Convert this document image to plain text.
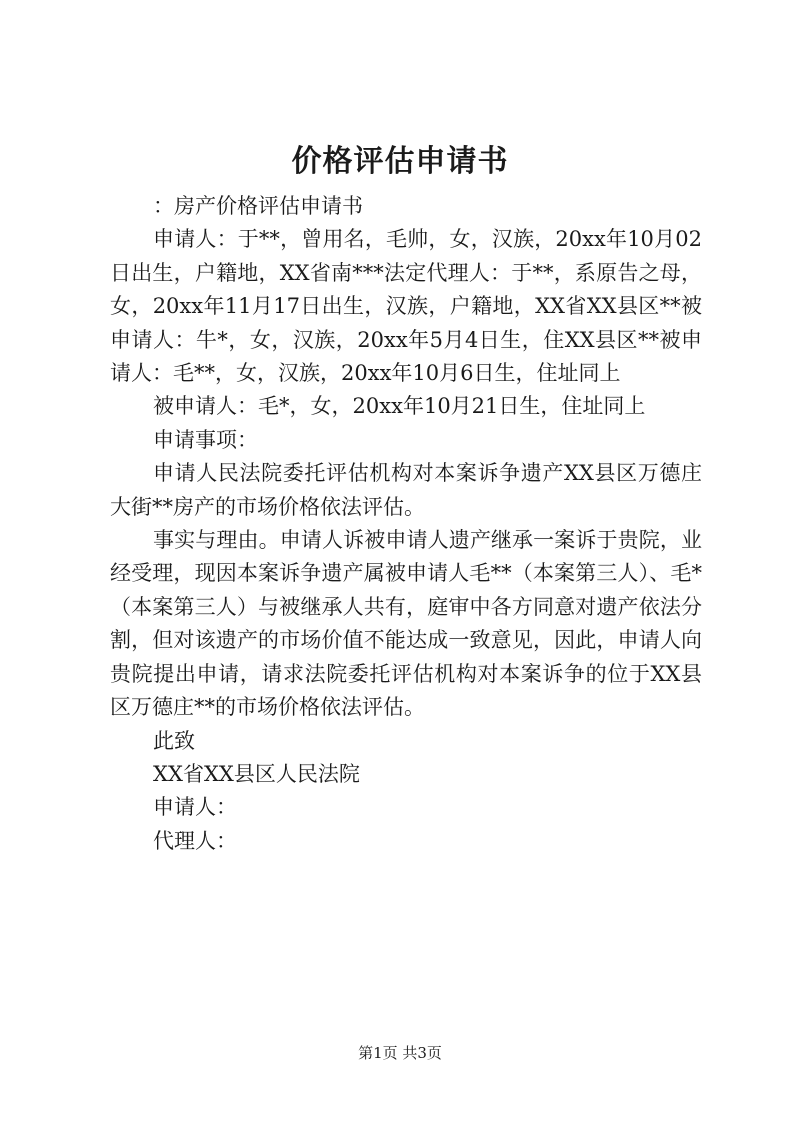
价格评估申请书

：房产价格评估申请书

申请人：于**，曾用名，毛帅，女，汉族，20xx年10月02日出生，户籍地，XX省南***法定代理人：于**，系原告之母，女，20xx年11月17日出生，汉族，户籍地，XX省XX县区**被申请人：牛*，女，汉族，20xx年5月4日生，住XX县区**被申请人：毛**，女，汉族，20xx年10月6日生，住址同上

被申请人：毛*，女，20xx年10月21日生，住址同上

申请事项：

申请人民法院委托评估机构对本案诉争遗产XX县区万德庄大街**房产的市场价格依法评估。

事实与理由。申请人诉被申请人遗产继承一案诉于贵院，业经受理，现因本案诉争遗产属被申请人毛**（本案第三人）、毛*（本案第三人）与被继承人共有，庭审中各方同意对遗产依法分割，但对该遗产的市场价值不能达成一致意见，因此，申请人向贵院提出申请，请求法院委托评估机构对本案诉争的位于XX县区万德庄**的市场价格依法评估。

此致

XX省XX县区人民法院

申请人：

代理人：

第1页 共3页
